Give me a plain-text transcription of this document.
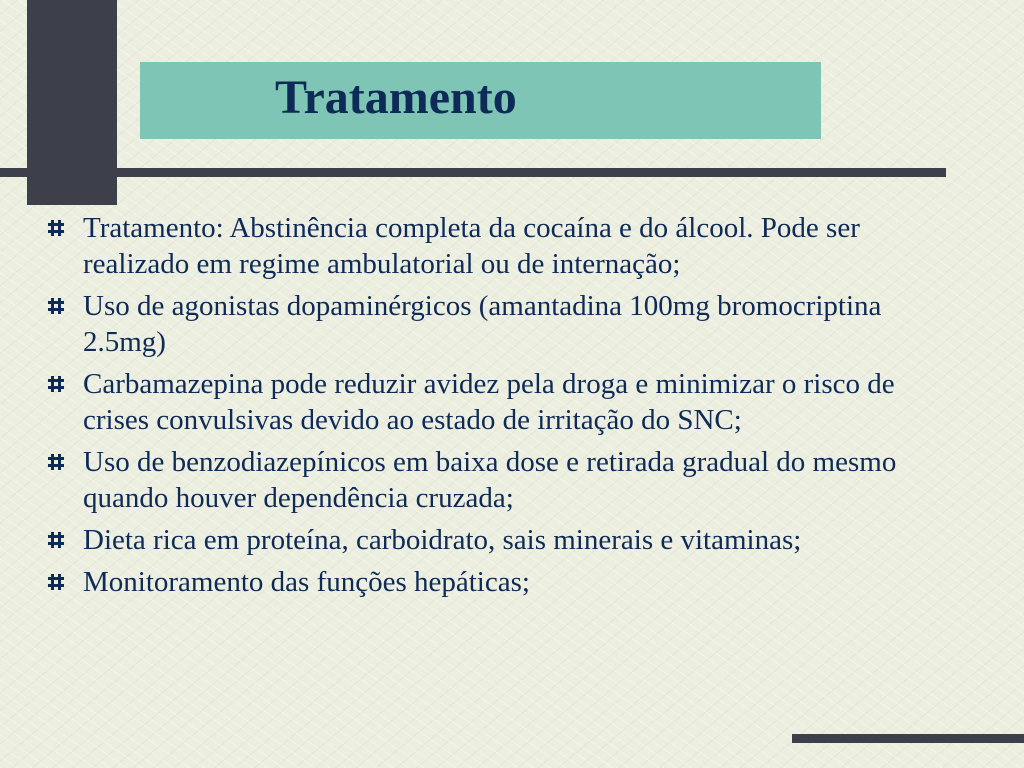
Tratamento
Tratamento: Abstinência completa da cocaína e do álcool. Pode ser realizado em regime ambulatorial ou de internação;
Uso de agonistas dopaminérgicos (amantadina 100mg bromocriptina 2.5mg)
Carbamazepina pode reduzir avidez pela droga e minimizar o risco de crises convulsivas devido ao estado de irritação do SNC;
Uso de benzodiazepínicos em baixa dose e retirada gradual do mesmo quando houver dependência cruzada;
Dieta rica em proteína, carboidrato, sais minerais e vitaminas;
Monitoramento das funções hepáticas;
